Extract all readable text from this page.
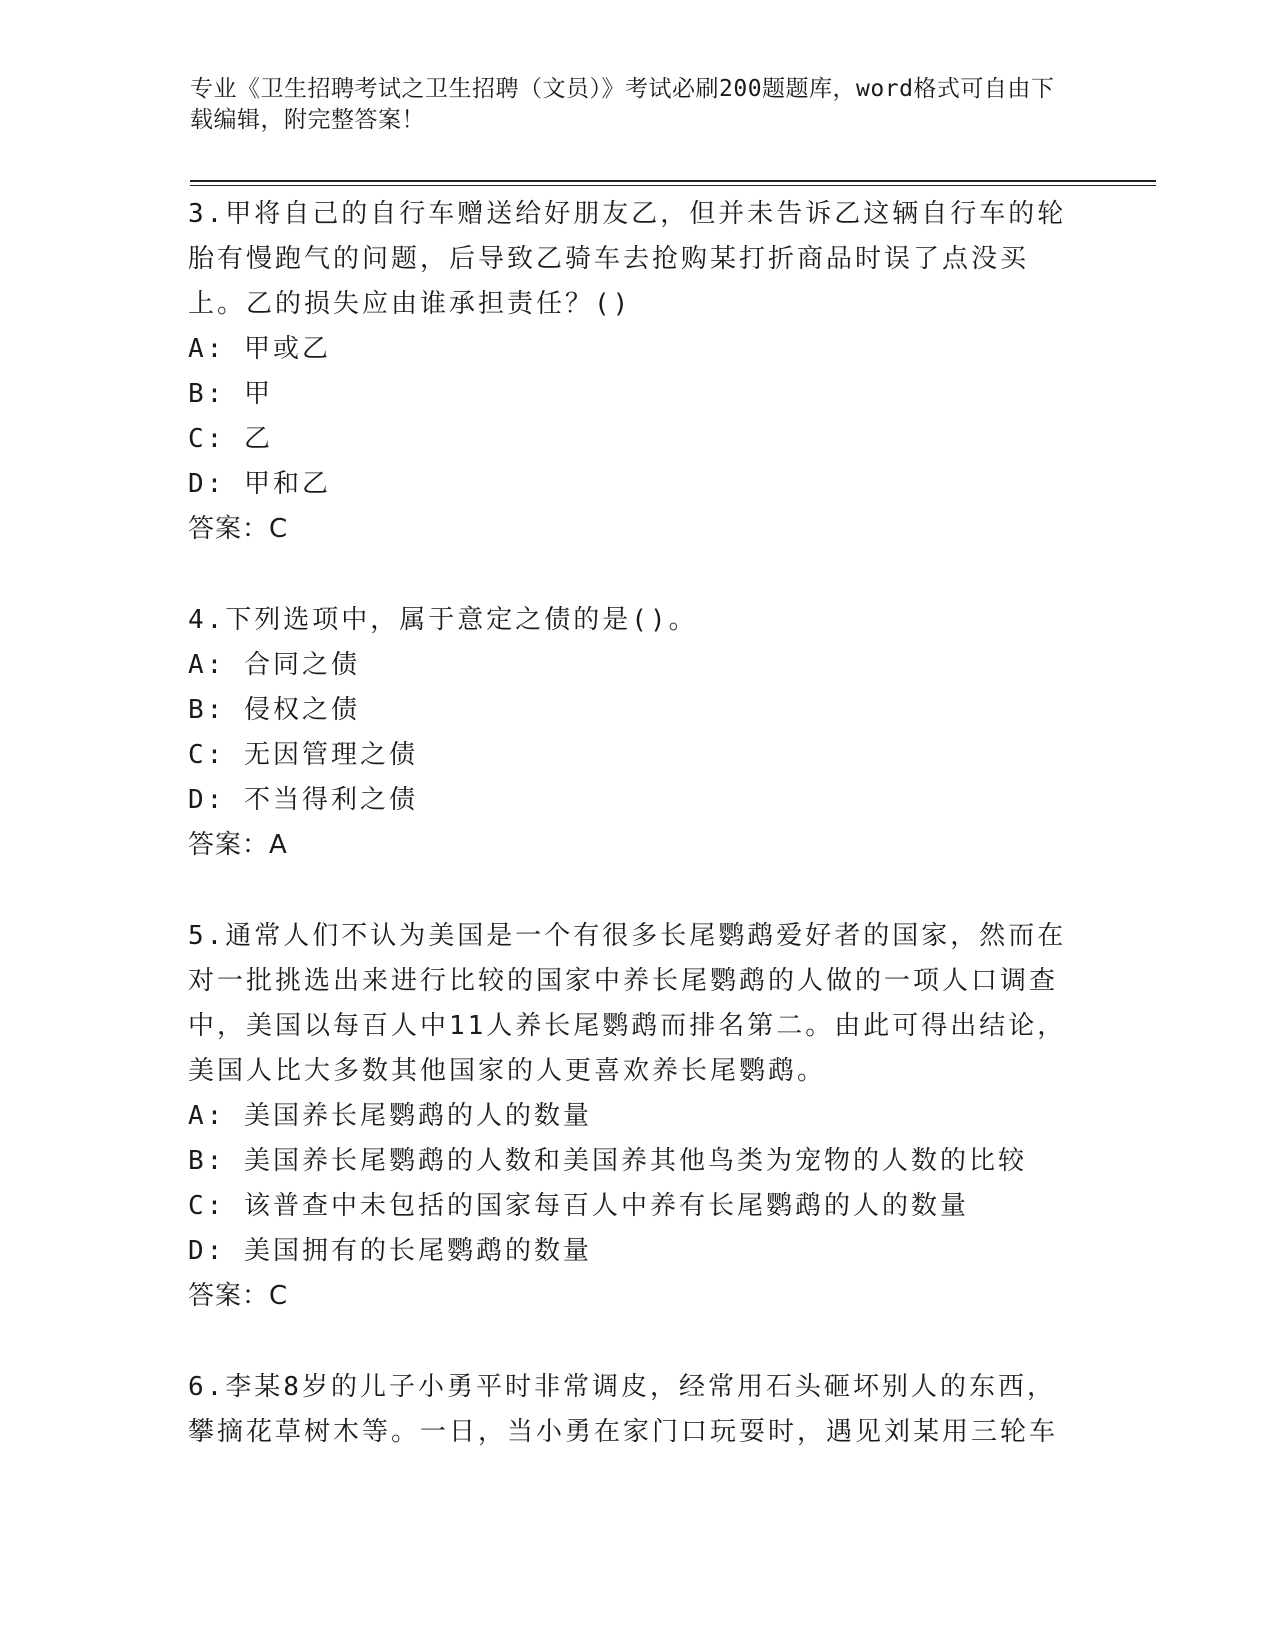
专业《卫生招聘考试之卫生招聘（文员）》考试必刷200题题库，word格式可自由下载编辑，附完整答案！

3.甲将自己的自行车赠送给好朋友乙，但并未告诉乙这辆自行车的轮胎有慢跑气的问题，后导致乙骑车去抢购某打折商品时误了点没买上。乙的损失应由谁承担责任？()

A: 甲或乙

B: 甲

C: 乙

D: 甲和乙

答案：C

4.下列选项中，属于意定之债的是()。

A: 合同之债

B: 侵权之债

C: 无因管理之债

D: 不当得利之债

答案：A

5.通常人们不认为美国是一个有很多长尾鹦鹉爱好者的国家，然而在对一批挑选出来进行比较的国家中养长尾鹦鹉的人做的一项人口调查中，美国以每百人中11人养长尾鹦鹉而排名第二。由此可得出结论，美国人比大多数其他国家的人更喜欢养长尾鹦鹉。

A: 美国养长尾鹦鹉的人的数量

B: 美国养长尾鹦鹉的人数和美国养其他鸟类为宠物的人数的比较

C: 该普查中未包括的国家每百人中养有长尾鹦鹉的人的数量

D: 美国拥有的长尾鹦鹉的数量

答案：C

6.李某8岁的儿子小勇平时非常调皮，经常用石头砸坏别人的东西，攀摘花草树木等。一日，当小勇在家门口玩耍时，遇见刘某用三轮车
